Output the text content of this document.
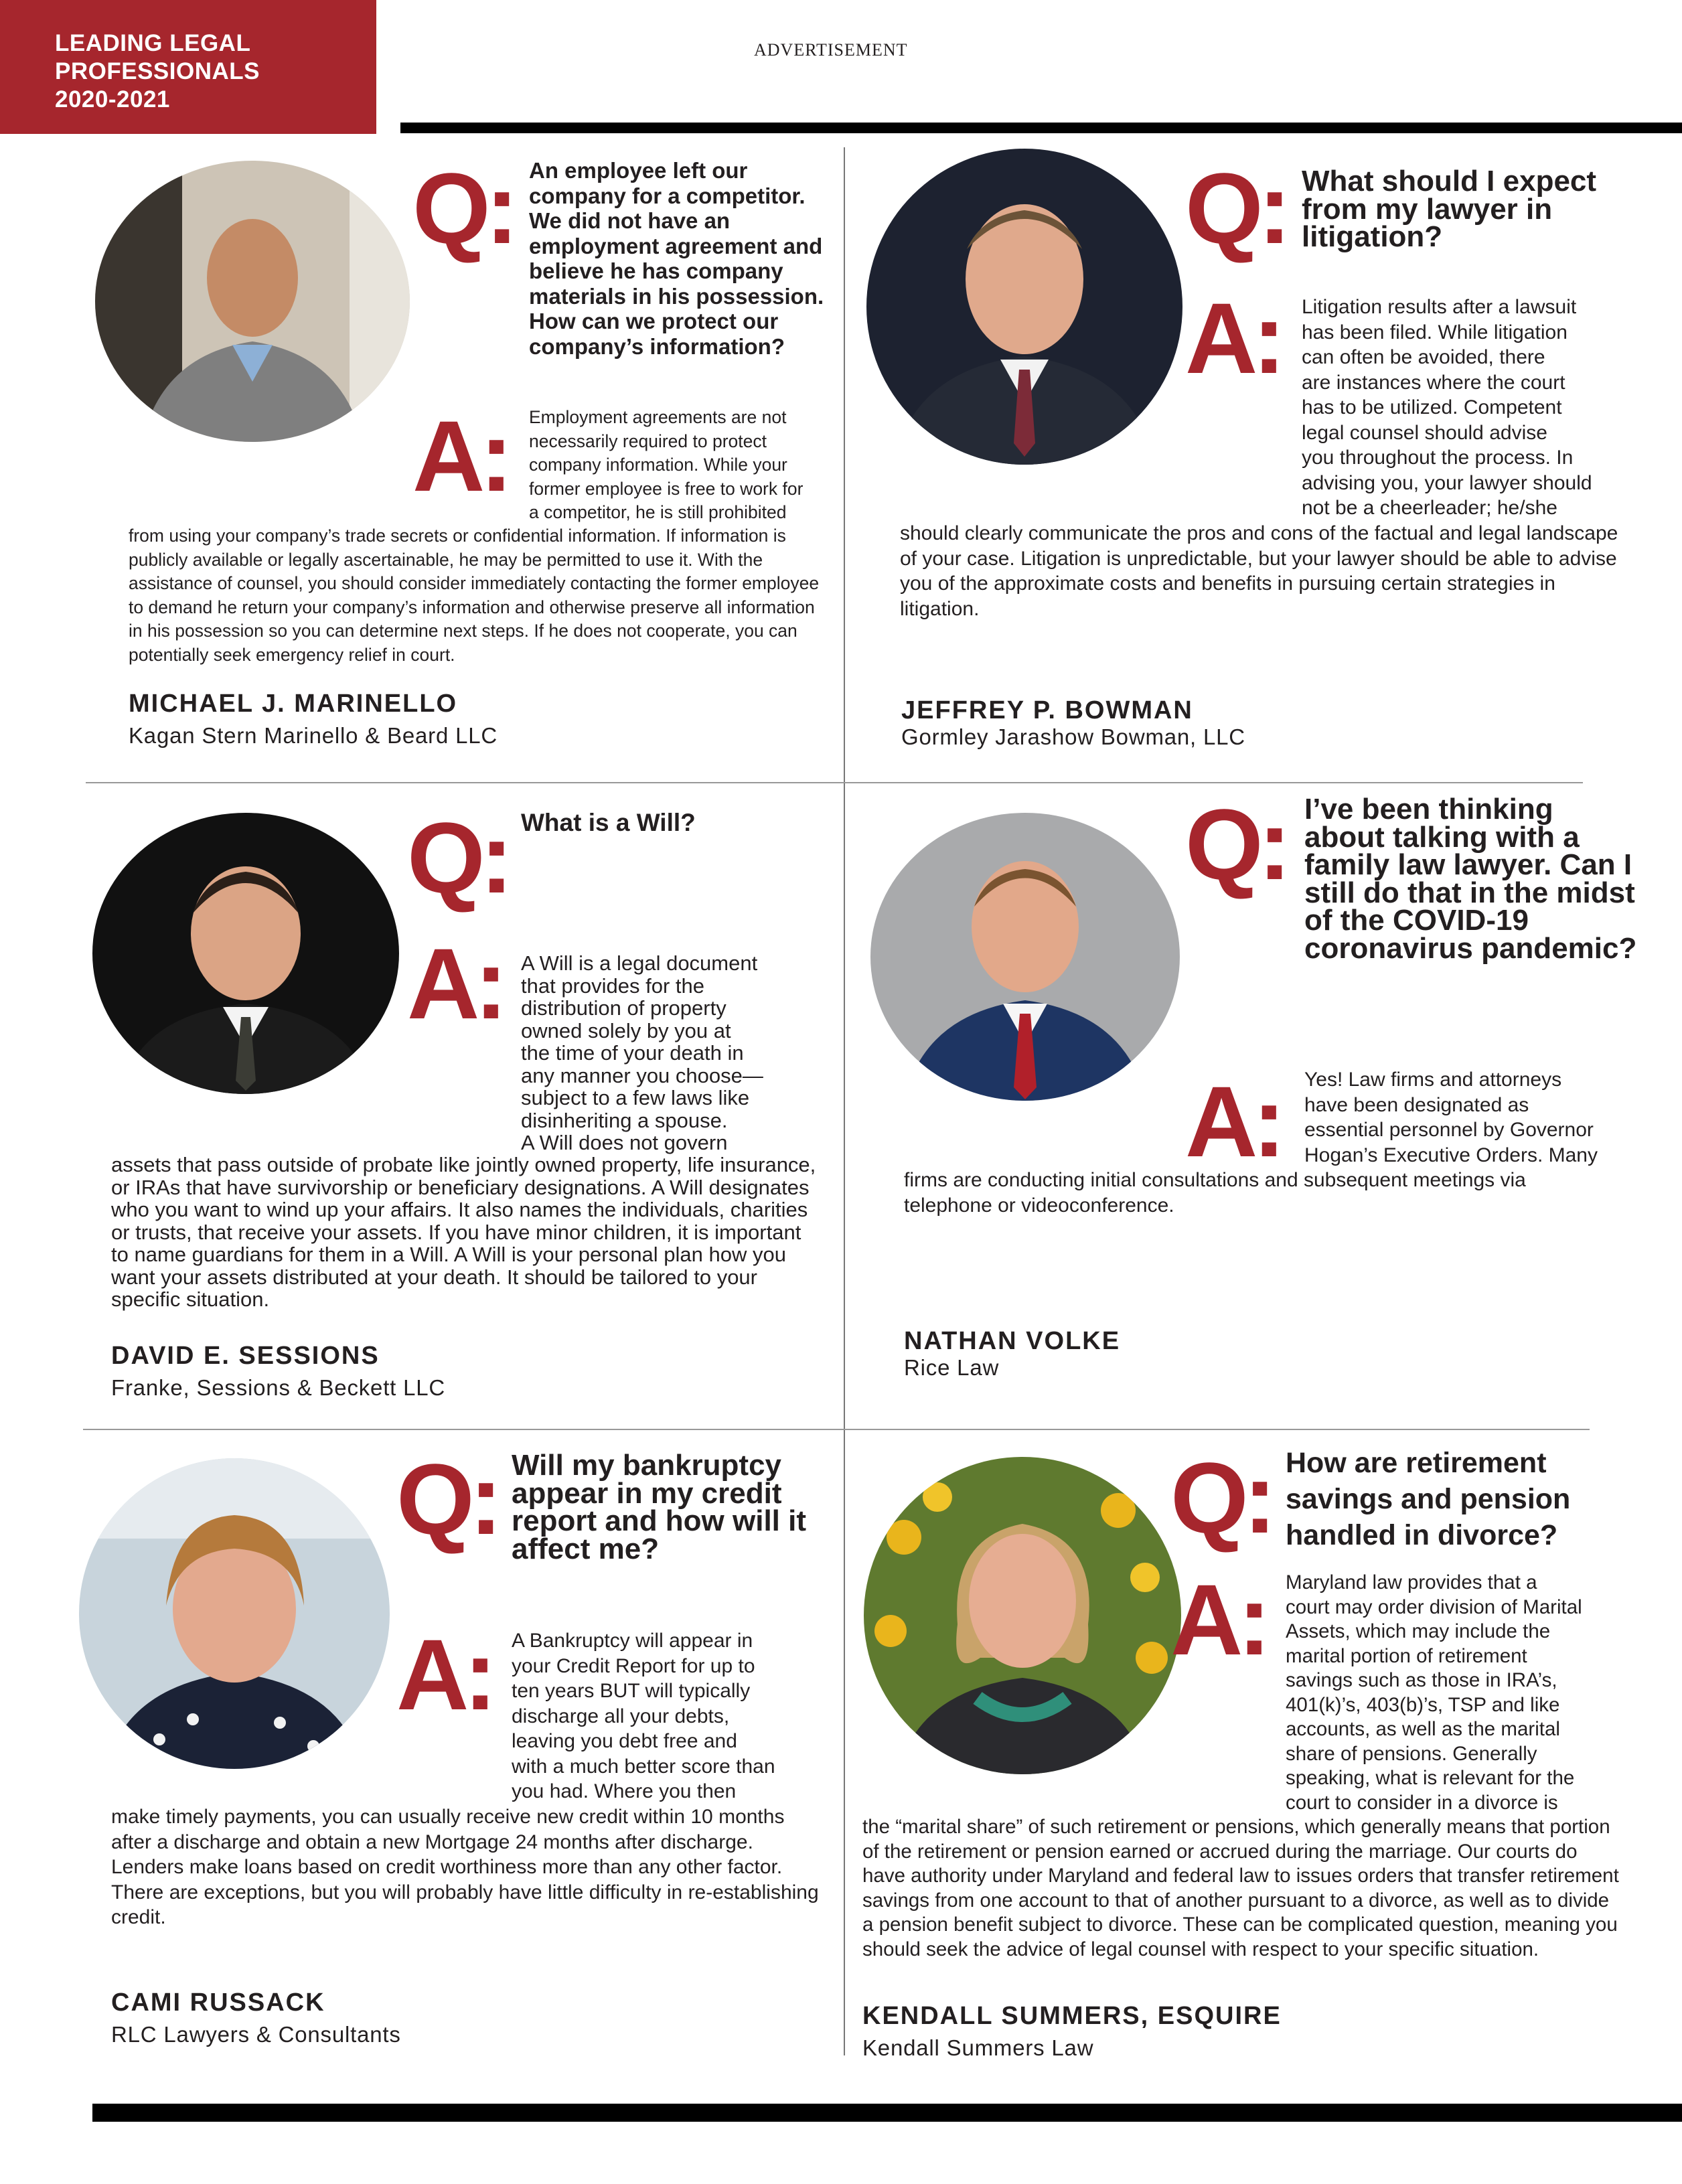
LEADING LEGAL
PROFESSIONALS
2020-2021
ADVERTISEMENT
Q: An employee left our company for a competitor. We did not have an employment agreement and believe he has company materials in his possession. How can we protect our company’s information?
A: Employment agreements are not
necessarily required to protect
company information. While your
former employee is free to work for
a competitor, he is still prohibited
from using your company’s trade secrets or confidential information. If information is publicly available or legally ascertainable, he may be permitted to use it. With the assistance of counsel, you should consider immediately contacting the former employee to demand he return your company’s information and otherwise preserve all information in his possession so you can determine next steps. If he does not cooperate, you can potentially seek emergency relief in court.
MICHAEL J. MARINELLO
Kagan Stern Marinello & Beard LLC
Q: What should I expect from my lawyer in litigation?
A: Litigation results after a lawsuit
has been filed. While litigation
can often be avoided, there
are instances where the court
has to be utilized. Competent
legal counsel should advise
you throughout the process. In
advising you, your lawyer should
not be a cheerleader; he/she
should clearly communicate the pros and cons of the factual and legal landscape of your case. Litigation is unpredictable, but your lawyer should be able to advise you of the approximate costs and benefits in pursuing certain strategies in litigation.
JEFFREY P. BOWMAN
Gormley Jarashow Bowman, LLC
Q: What is a Will?
A: A Will is a legal document
that provides for the
distribution of property
owned solely by you at
the time of your death in
any manner you choose—
subject to a few laws like
disinheriting a spouse.
A Will does not govern
assets that pass outside of probate like jointly owned property, life insurance, or IRAs that have survivorship or beneficiary designations. A Will designates who you want to wind up your affairs. It also names the individuals, charities or trusts, that receive your assets. If you have minor children, it is important to name guardians for them in a Will. A Will is your personal plan how you want your assets distributed at your death. It should be tailored to your specific situation.
DAVID E. SESSIONS
Franke, Sessions & Beckett LLC
Q: I’ve been thinking about talking with a family law lawyer. Can I still do that in the midst of the COVID-19 coronavirus pandemic?
A: Yes! Law firms and attorneys
have been designated as
essential personnel by Governor
Hogan’s Executive Orders. Many
firms are conducting initial consultations and subsequent meetings via telephone or videoconference.
NATHAN VOLKE
Rice Law
Q: Will my bankruptcy appear in my credit report and how will it affect me?
A: A Bankruptcy will appear in
your Credit Report for up to
ten years BUT will typically
discharge all your debts,
leaving you debt free and
with a much better score than
you had. Where you then
make timely payments, you can usually receive new credit within 10 months after a discharge and obtain a new Mortgage 24 months after discharge. Lenders make loans based on credit worthiness more than any other factor. There are exceptions, but you will probably have little difficulty in re-establishing credit.
CAMI RUSSACK
RLC Lawyers & Consultants
Q: How are retirement savings and pension handled in divorce?
A: Maryland law provides that a
court may order division of Marital
Assets, which may include the
marital portion of retirement
savings such as those in IRA’s,
401(k)’s, 403(b)’s, TSP and like
accounts, as well as the marital
share of pensions. Generally
speaking, what is relevant for the
court to consider in a divorce is
the “marital share” of such retirement or pensions, which generally means that portion of the retirement or pension earned or accrued during the marriage. Our courts do have authority under Maryland and federal law to issues orders that transfer retirement savings from one account to that of another pursuant to a divorce, as well as to divide a pension benefit subject to divorce. These can be complicated question, meaning you should seek the advice of legal counsel with respect to your specific situation.
KENDALL SUMMERS, ESQUIRE
Kendall Summers Law
